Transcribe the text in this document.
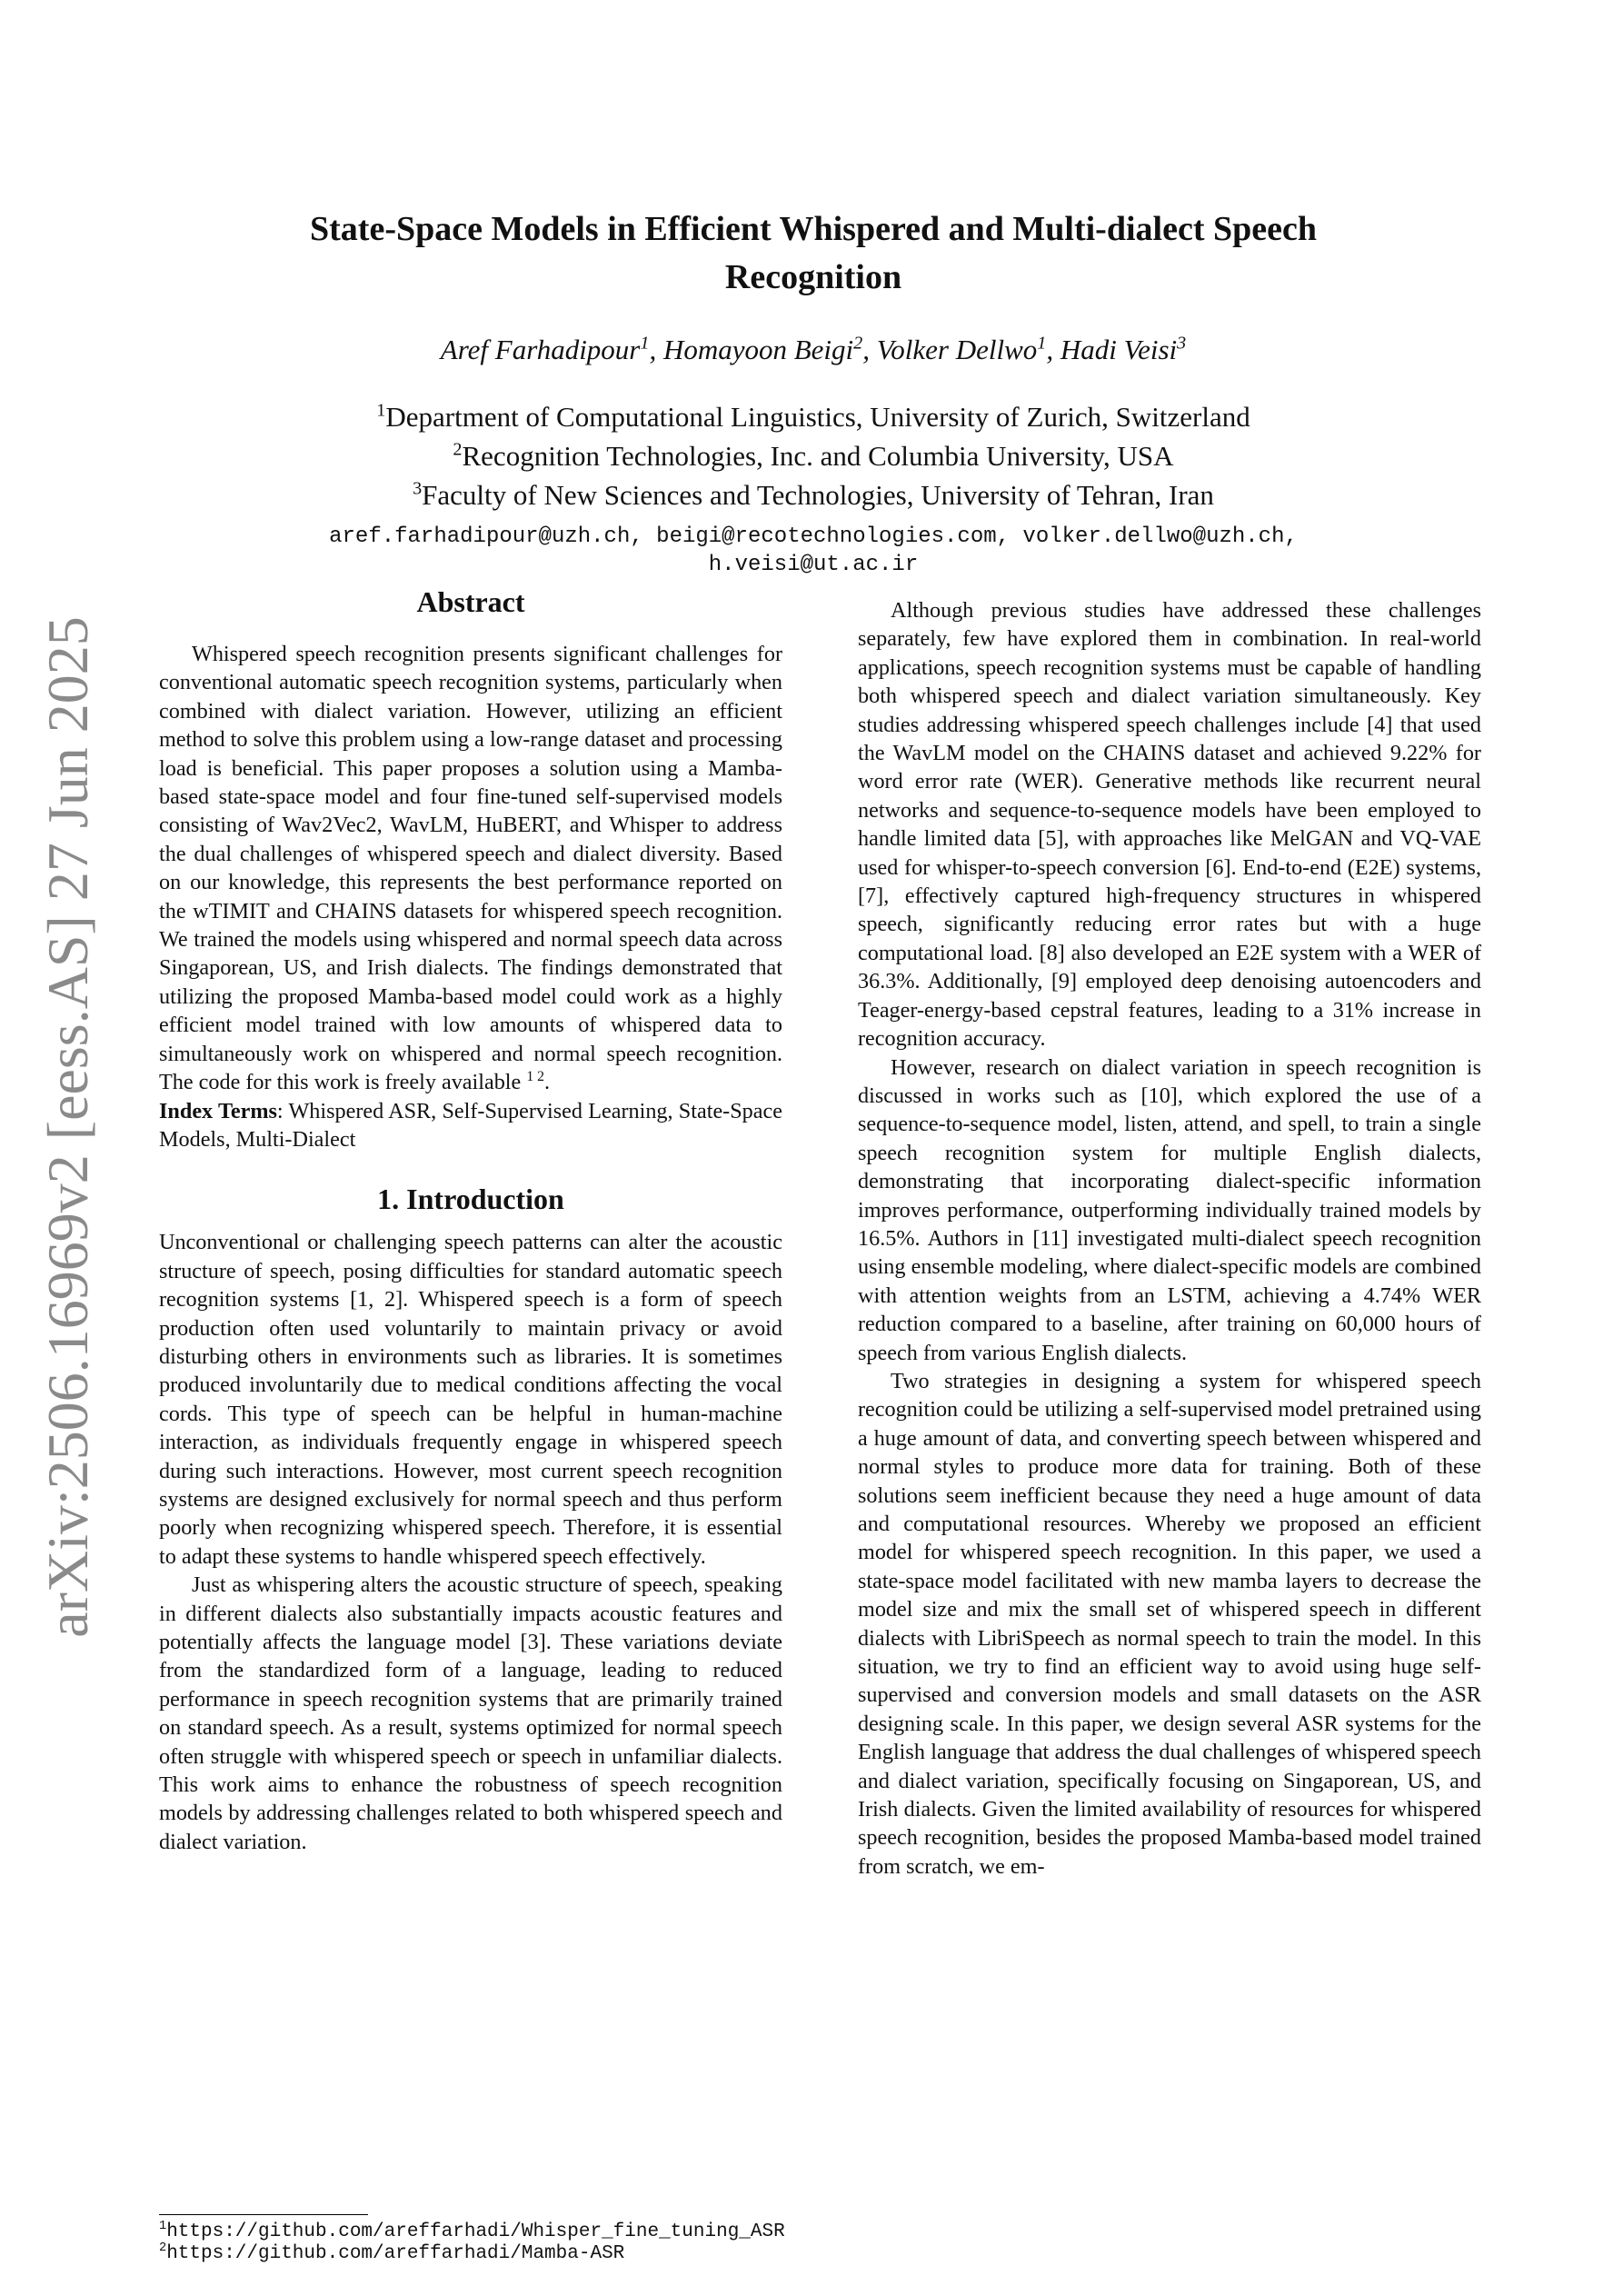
arXiv:2506.16969v2 [eess.AS] 27 Jun 2025
State-Space Models in Efficient Whispered and Multi-dialect Speech Recognition
Aref Farhadipour$^1$, Homayoon Beigi$^2$, Volker Dellwo$^1$, Hadi Veisi$^3$
$^1$Department of Computational Linguistics, University of Zurich, Switzerland
$^2$Recognition Technologies, Inc. and Columbia University, USA
$^3$Faculty of New Sciences and Technologies, University of Tehran, Iran
aref.farhadipour@uzh.ch, beigi@recotechnologies.com, volker.dellwo@uzh.ch,
h.veisi@ut.ac.ir
Abstract

Whispered speech recognition presents significant challenges for conventional automatic speech recognition systems, particularly when combined with dialect variation. However, utilizing an efficient method to solve this problem using a low-range dataset and processing load is beneficial. This paper proposes a solution using a Mamba-based state-space model and four fine-tuned self-supervised models consisting of Wav2Vec2, WavLM, HuBERT, and Whisper to address the dual challenges of whispered speech and dialect diversity. Based on our knowledge, this represents the best performance reported on the wTIMIT and CHAINS datasets for whispered speech recognition. We trained the models using whispered and normal speech data across Singaporean, US, and Irish dialects. The findings demonstrated that utilizing the proposed Mamba-based model could work as a highly efficient model trained with low amounts of whispered data to simultaneously work on whispered and normal speech recognition. The code for this work is freely available $^{1 2}$.

Index Terms: Whispered ASR, Self-Supervised Learning, State-Space Models, Multi-Dialect

1. Introduction

Unconventional or challenging speech patterns can alter the acoustic structure of speech, posing difficulties for standard automatic speech recognition systems [1, 2]. Whispered speech is a form of speech production often used voluntarily to maintain privacy or avoid disturbing others in environments such as libraries. It is sometimes produced involuntarily due to medical conditions affecting the vocal cords. This type of speech can be helpful in human-machine interaction, as individuals frequently engage in whispered speech during such interactions. However, most current speech recognition systems are designed exclusively for normal speech and thus perform poorly when recognizing whispered speech. Therefore, it is essential to adapt these systems to handle whispered speech effectively.

Just as whispering alters the acoustic structure of speech, speaking in different dialects also substantially impacts acoustic features and potentially affects the language model [3]. These variations deviate from the standardized form of a language, leading to reduced performance in speech recognition systems that are primarily trained on standard speech. As a result, systems optimized for normal speech often struggle with whispered speech or speech in unfamiliar dialects. This work aims to enhance the robustness of speech recognition models by addressing challenges related to both whispered speech and dialect variation.

Although previous studies have addressed these challenges separately, few have explored them in combination. In real-world applications, speech recognition systems must be capable of handling both whispered speech and dialect variation simultaneously. Key studies addressing whispered speech challenges include [4] that used the WavLM model on the CHAINS dataset and achieved 9.22% for word error rate (WER). Generative methods like recurrent neural networks and sequence-to-sequence models have been employed to handle limited data [5], with approaches like MelGAN and VQ-VAE used for whisper-to-speech conversion [6]. End-to-end (E2E) systems, [7], effectively captured high-frequency structures in whispered speech, significantly reducing error rates but with a huge computational load. [8] also developed an E2E system with a WER of 36.3%. Additionally, [9] employed deep denoising autoencoders and Teager-energy-based cepstral features, leading to a 31% increase in recognition accuracy.

However, research on dialect variation in speech recognition is discussed in works such as [10], which explored the use of a sequence-to-sequence model, listen, attend, and spell, to train a single speech recognition system for multiple English dialects, demonstrating that incorporating dialect-specific information improves performance, outperforming individually trained models by 16.5%. Authors in [11] investigated multi-dialect speech recognition using ensemble modeling, where dialect-specific models are combined with attention weights from an LSTM, achieving a 4.74% WER reduction compared to a baseline, after training on 60,000 hours of speech from various English dialects.

Two strategies in designing a system for whispered speech recognition could be utilizing a self-supervised model pretrained using a huge amount of data, and converting speech between whispered and normal styles to produce more data for training. Both of these solutions seem inefficient because they need a huge amount of data and computational resources. Whereby we proposed an efficient model for whispered speech recognition. In this paper, we used a state-space model facilitated with new mamba layers to decrease the model size and mix the small set of whispered speech in different dialects with LibriSpeech as normal speech to train the model. In this situation, we try to find an efficient way to avoid using huge self-supervised and conversion models and small datasets on the ASR designing scale. In this paper, we design several ASR systems for the English language that address the dual challenges of whispered speech and dialect variation, specifically focusing on Singaporean, US, and Irish dialects. Given the limited availability of resources for whispered speech recognition, besides the proposed Mamba-based model trained from scratch, we em-

$^1$https://github.com/areffarhadi/Whisper_fine_tuning_ASR
$^2$https://github.com/areffarhadi/Mamba-ASR
